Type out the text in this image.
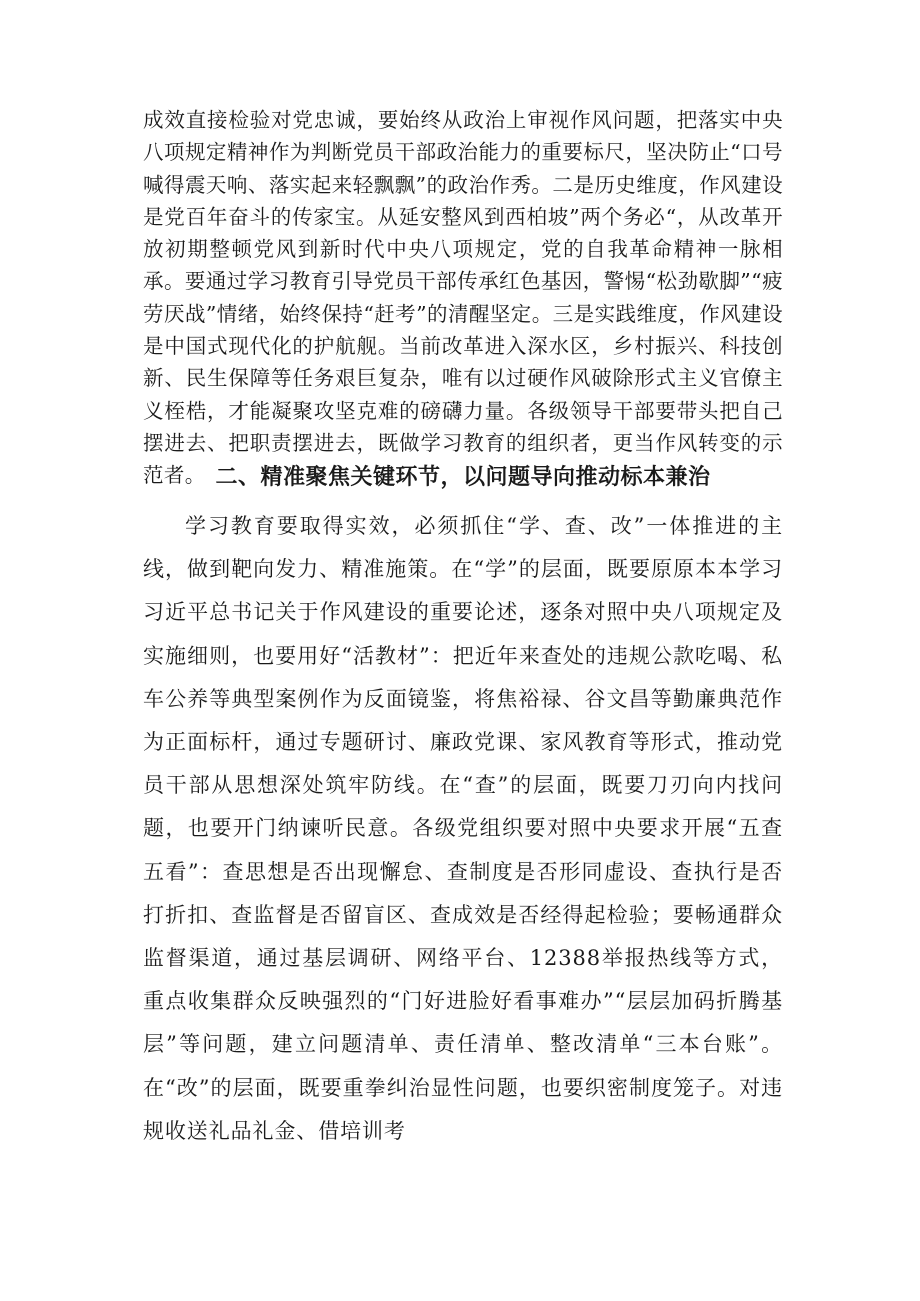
成效直接检验对党忠诚，要始终从政治上审视作风问题，把落实中央八项规定精神作为判断党员干部政治能力的重要标尺，坚决防止“口号喊得震天响、落实起来轻飘飘”的政治作秀。二是历史维度，作风建设是党百年奋斗的传家宝。从延安整风到西柏坡”两个务必“，从改革开放初期整顿党风到新时代中央八项规定，党的自我革命精神一脉相承。要通过学习教育引导党员干部传承红色基因，警惕“松劲歇脚”“疲劳厌战”情绪，始终保持“赶考”的清醒坚定。三是实践维度，作风建设是中国式现代化的护航舰。当前改革进入深水区，乡村振兴、科技创新、民生保障等任务艰巨复杂，唯有以过硬作风破除形式主义官僚主义桎梏，才能凝聚攻坚克难的磅礴力量。各级领导干部要带头把自己摆进去、把职责摆进去，既做学习教育的组织者，更当作风转变的示范者。 二、精准聚焦关键环节，以问题导向推动标本兼治

学习教育要取得实效，必须抓住“学、查、改”一体推进的主线，做到靶向发力、精准施策。在“学”的层面，既要原原本本学习习近平总书记关于作风建设的重要论述，逐条对照中央八项规定及实施细则，也要用好“活教材”：把近年来查处的违规公款吃喝、私车公养等典型案例作为反面镜鉴，将焦裕禄、谷文昌等勤廉典范作为正面标杆，通过专题研讨、廉政党课、家风教育等形式，推动党员干部从思想深处筑牢防线。在“查”的层面，既要刀刃向内找问题，也要开门纳谏听民意。各级党组织要对照中央要求开展“五查五看”：查思想是否出现懈怠、查制度是否形同虚设、查执行是否打折扣、查监督是否留盲区、查成效是否经得起检验；要畅通群众监督渠道，通过基层调研、网络平台、12388举报热线等方式，重点收集群众反映强烈的“门好进脸好看事难办”“层层加码折腾基层”等问题，建立问题清单、责任清单、整改清单“三本台账”。在“改”的层面，既要重拳纠治显性问题，也要织密制度笼子。对违规收送礼品礼金、借培训考
